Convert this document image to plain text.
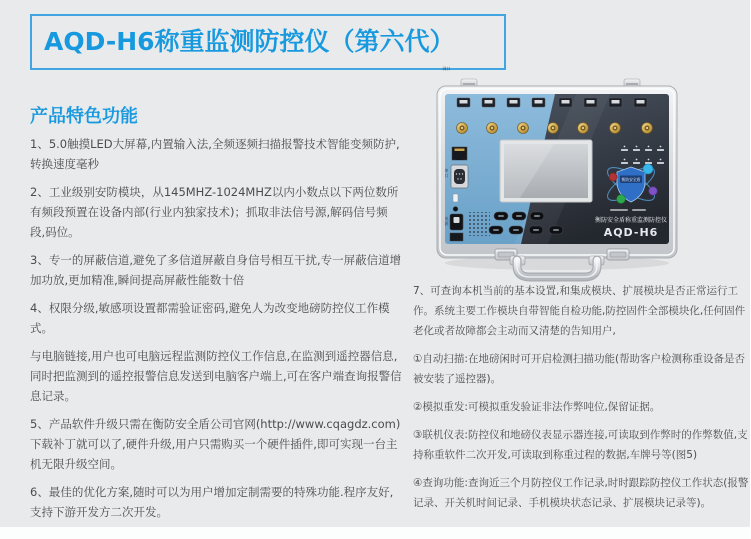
AQD-H6称重监测防控仪（第六代）
产品特色功能

1、5.0触摸LED大屏幕,内置输入法,全频逐频扫描报警技术智能变频防护,转换速度毫秒

2、工业级别安防模块，从145MHZ-1024MHZ以内小数点以下两位数所有频段预置在设备内部(行业内独家技术)；抓取非法信号源,解码信号频段,码位。

3、专一的屏蔽信道,避免了多信道屏蔽自身信号相互干扰,专一屏蔽信道增加功放,更加精准,瞬间提高屏蔽性能数十倍

4、权限分级,敏感项设置都需验证密码,避免人为改变地磅防控仪工作模式。

与电脑链接,用户也可电脑远程监测防控仪工作信息,在监测到遥控器信息,同时把监测到的遥控报警信息发送到电脑客户端上,可在客户端查询报警信息记录。

5、产品软件升级只需在衡防安全盾公司官网(http://www.cqagdz.com)下载补丁就可以了,硬件升级,用户只需购买一个硬件插件,即可实现一台主机无限升级空间。

6、最佳的优化方案,随时可以为用户增加定制需要的特殊功能.程序友好,支持下游开发方二次开发。

7、可查询本机当前的基本设置,和集成模块、扩展模块是否正常运行工作。系统主要工作模块自带智能自检功能,防控固件全部模块化,任何固件老化或者故障都会主动而又清楚的告知用户,

①自动扫描:在地磅闲时可开启检测扫描功能(帮助客户检测称重设备是否被安装了遥控器)。

②模拟重发:可模拟重发验证非法作弊吨位,保留证据。

③联机仪表:防控仪和地磅仪表显示器连接,可读取到作弊时的作弊数值,支持称重软件二次开发,可读取到称重过程的数据,车牌号等(图5)

④查询功能:查询近三个月防控仪工作记录,时时跟踪防控仪工作状态(报警记录、开关机时间记录、手机模块状态记录、扩展模块记录等)。

网口
串口
电源
衡防安全盾
衡防安全盾称重监测防控仪
AQD-H6
